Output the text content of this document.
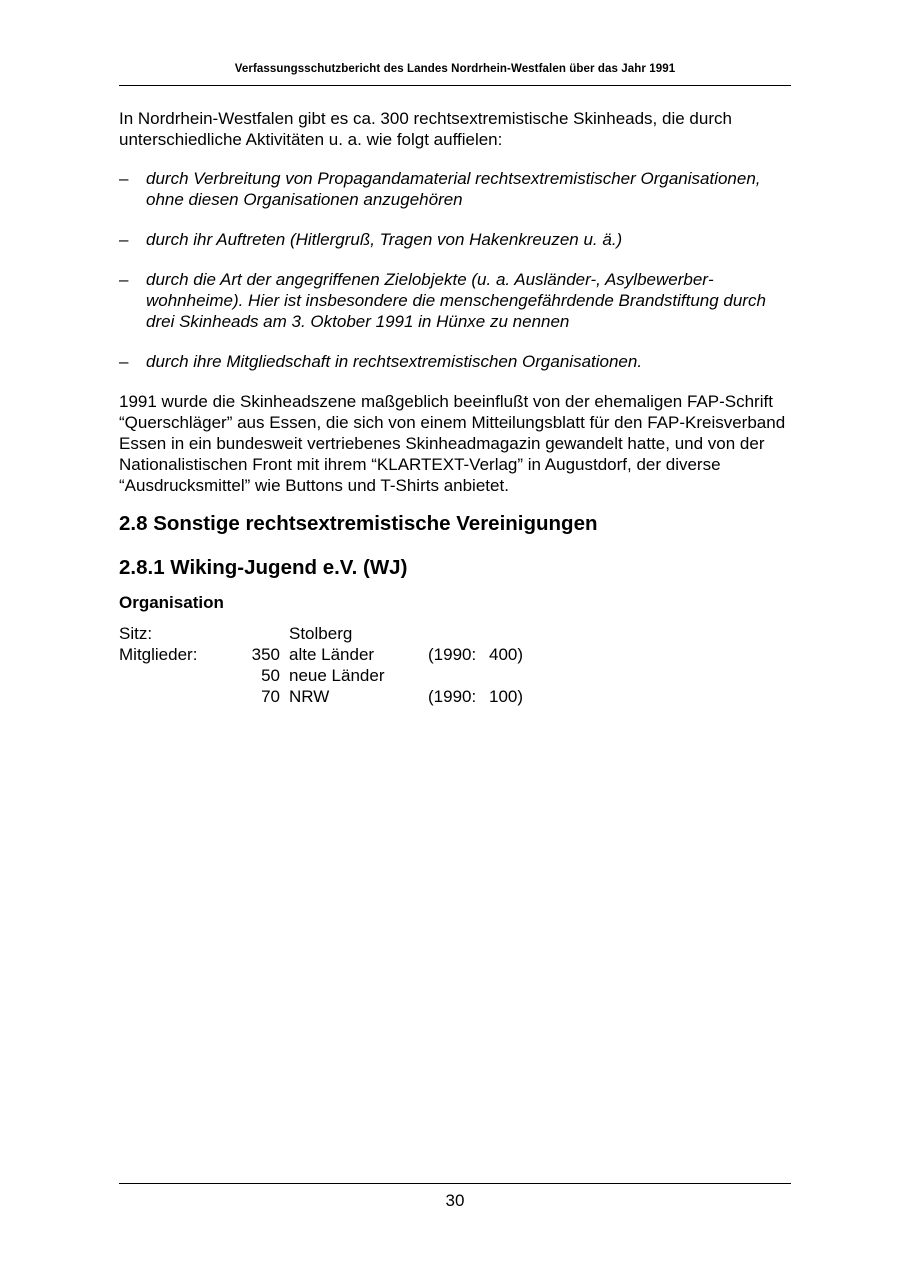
Verfassungsschutzbericht des Landes Nordrhein-Westfalen über das Jahr 1991

In Nordrhein-Westfalen gibt es ca. 300 rechtsextremistische Skinheads, die durch unterschiedliche Aktivitäten u. a. wie folgt auffielen:

– durch Verbreitung von Propagandamaterial rechtsextremistischer Organisationen, ohne diesen Organisationen anzugehören
– durch ihr Auftreten (Hitlergruß, Tragen von Hakenkreuzen u. ä.)
– durch die Art der angegriffenen Zielobjekte (u. a. Ausländer-, Asylbewerberwohnheime). Hier ist insbesondere die menschengefährdende Brandstiftung durch drei Skinheads am 3. Oktober 1991 in Hünxe zu nennen
– durch ihre Mitgliedschaft in rechtsextremistischen Organisationen.

1991 wurde die Skinheadszene maßgeblich beeinflußt von der ehemaligen FAP-Schrift “Querschläger” aus Essen, die sich von einem Mitteilungsblatt für den FAP-Kreisverband Essen in ein bundesweit vertriebenes Skinheadmagazin gewandelt hatte, und von der Nationalistischen Front mit ihrem “KLARTEXT-Verlag” in Augustdorf, der diverse “Ausdrucksmittel” wie Buttons und T-Shirts anbietet.

2.8 Sonstige rechtsextremistische Vereinigungen
2.8.1 Wiking-Jugend e.V. (WJ)
Organisation
Sitz:	Stolberg
Mitglieder:	350 alte Länder	(1990: 400)
50 neue Länder
70 NRW	(1990: 100)
30
